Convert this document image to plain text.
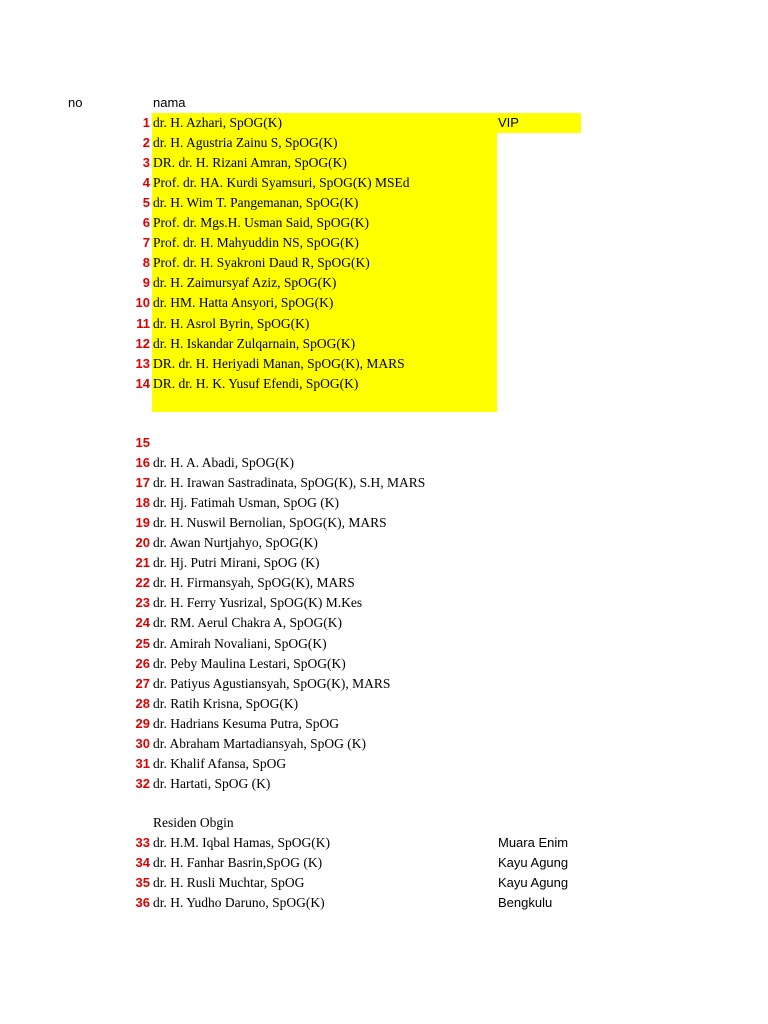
no	nama
1 dr. H. Azhari, SpOG(K)	VIP
2 dr. H. Agustria Zainu S, SpOG(K)
3 DR. dr. H. Rizani Amran, SpOG(K)
4 Prof. dr. HA. Kurdi Syamsuri, SpOG(K) MSEd
5 dr. H. Wim T. Pangemanan, SpOG(K)
6 Prof. dr. Mgs.H. Usman Said, SpOG(K)
7 Prof. dr. H. Mahyuddin NS, SpOG(K)
8 Prof. dr. H. Syakroni Daud R, SpOG(K)
9 dr. H. Zaimursyaf Aziz, SpOG(K)
10 dr. HM. Hatta Ansyori, SpOG(K)
11 dr. H. Asrol Byrin, SpOG(K)
12 dr. H. Iskandar Zulqarnain, SpOG(K)
13 DR. dr. H. Heriyadi Manan, SpOG(K), MARS
14 DR. dr. H. K. Yusuf Efendi, SpOG(K)
15
16 dr. H. A. Abadi, SpOG(K)
17 dr. H. Irawan Sastradinata, SpOG(K), S.H, MARS
18 dr. Hj. Fatimah Usman, SpOG (K)
19 dr. H. Nuswil Bernolian, SpOG(K), MARS
20 dr. Awan Nurtjahyo, SpOG(K)
21 dr. Hj. Putri Mirani, SpOG (K)
22 dr. H. Firmansyah, SpOG(K), MARS
23 dr. H. Ferry Yusrizal, SpOG(K) M.Kes
24 dr. RM. Aerul Chakra A, SpOG(K)
25 dr. Amirah Novaliani, SpOG(K)
26 dr. Peby Maulina Lestari, SpOG(K)
27 dr. Patiyus Agustiansyah, SpOG(K), MARS
28 dr. Ratih Krisna, SpOG(K)
29 dr. Hadrians Kesuma Putra, SpOG
30 dr. Abraham Martadiansyah, SpOG (K)
31 dr. Khalif Afansa, SpOG
32 dr. Hartati, SpOG (K)
Residen Obgin
33 dr. H.M. Iqbal Hamas, SpOG(K)	Muara Enim
34 dr. H. Fanhar Basrin,SpOG (K)	Kayu Agung
35 dr. H. Rusli Muchtar, SpOG	Kayu Agung
36 dr. H. Yudho Daruno, SpOG(K)	Bengkulu
